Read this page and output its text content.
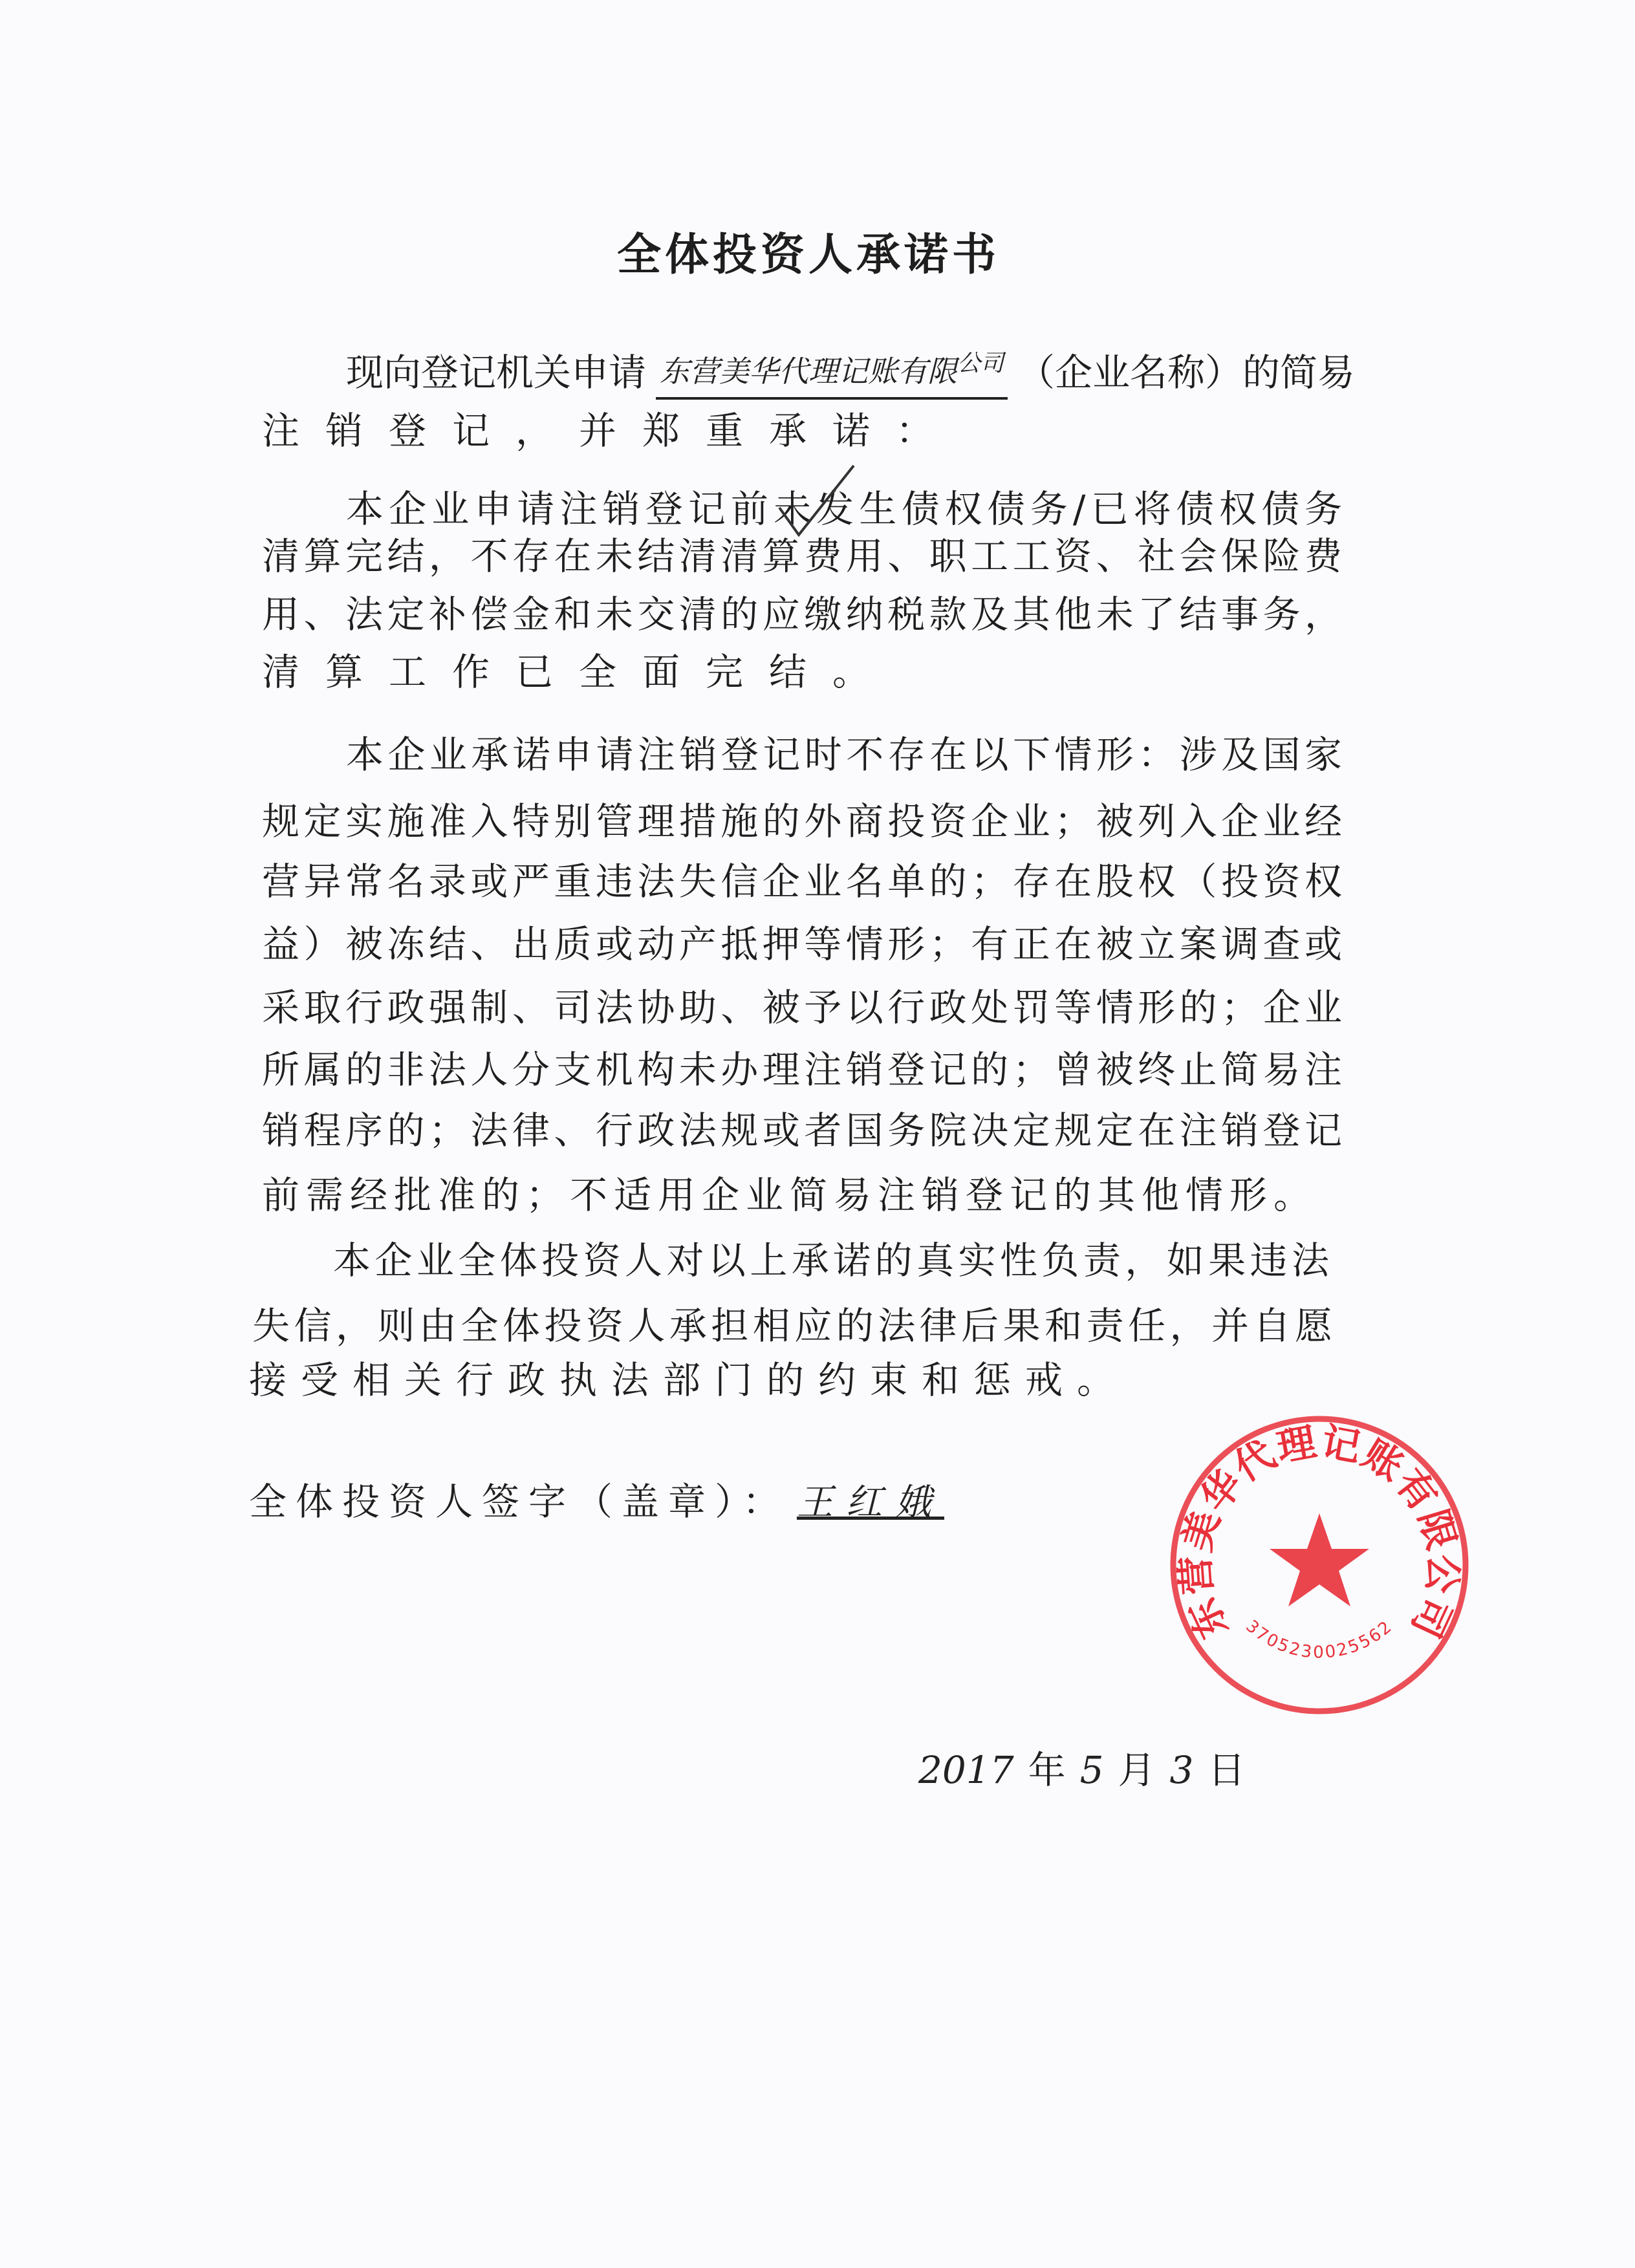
全体投资人承诺书
现向登记机关申请 东营美华代理记账有限$^{公司}$ （企业名称）的简易
注销登记，并郑重承诺：
本企业申请注销登记前未发生债权债务/已将债权债务
清算完结，不存在未结清清算费用、职工工资、社会保险费
用、法定补偿金和未交清的应缴纳税款及其他未了结事务，
清算工作已全面完结。
本企业承诺申请注销登记时不存在以下情形：涉及国家
规定实施准入特别管理措施的外商投资企业；被列入企业经
营异常名录或严重违法失信企业名单的；存在股权（投资权
益）被冻结、出质或动产抵押等情形；有正在被立案调查或
采取行政强制、司法协助、被予以行政处罚等情形的；企业
所属的非法人分支机构未办理注销登记的；曾被终止简易注
销程序的；法律、行政法规或者国务院决定规定在注销登记
前需经批准的；不适用企业简易注销登记的其他情形。
本企业全体投资人对以上承诺的真实性负责，如果违法
失信，则由全体投资人承担相应的法律后果和责任，并自愿
接受相关行政执法部门的约束和惩戒。
全体投资人签字（盖章）： 王红娥
东营美华代理记账有限公司
3705230025562
2017 年 5 月 3 日
